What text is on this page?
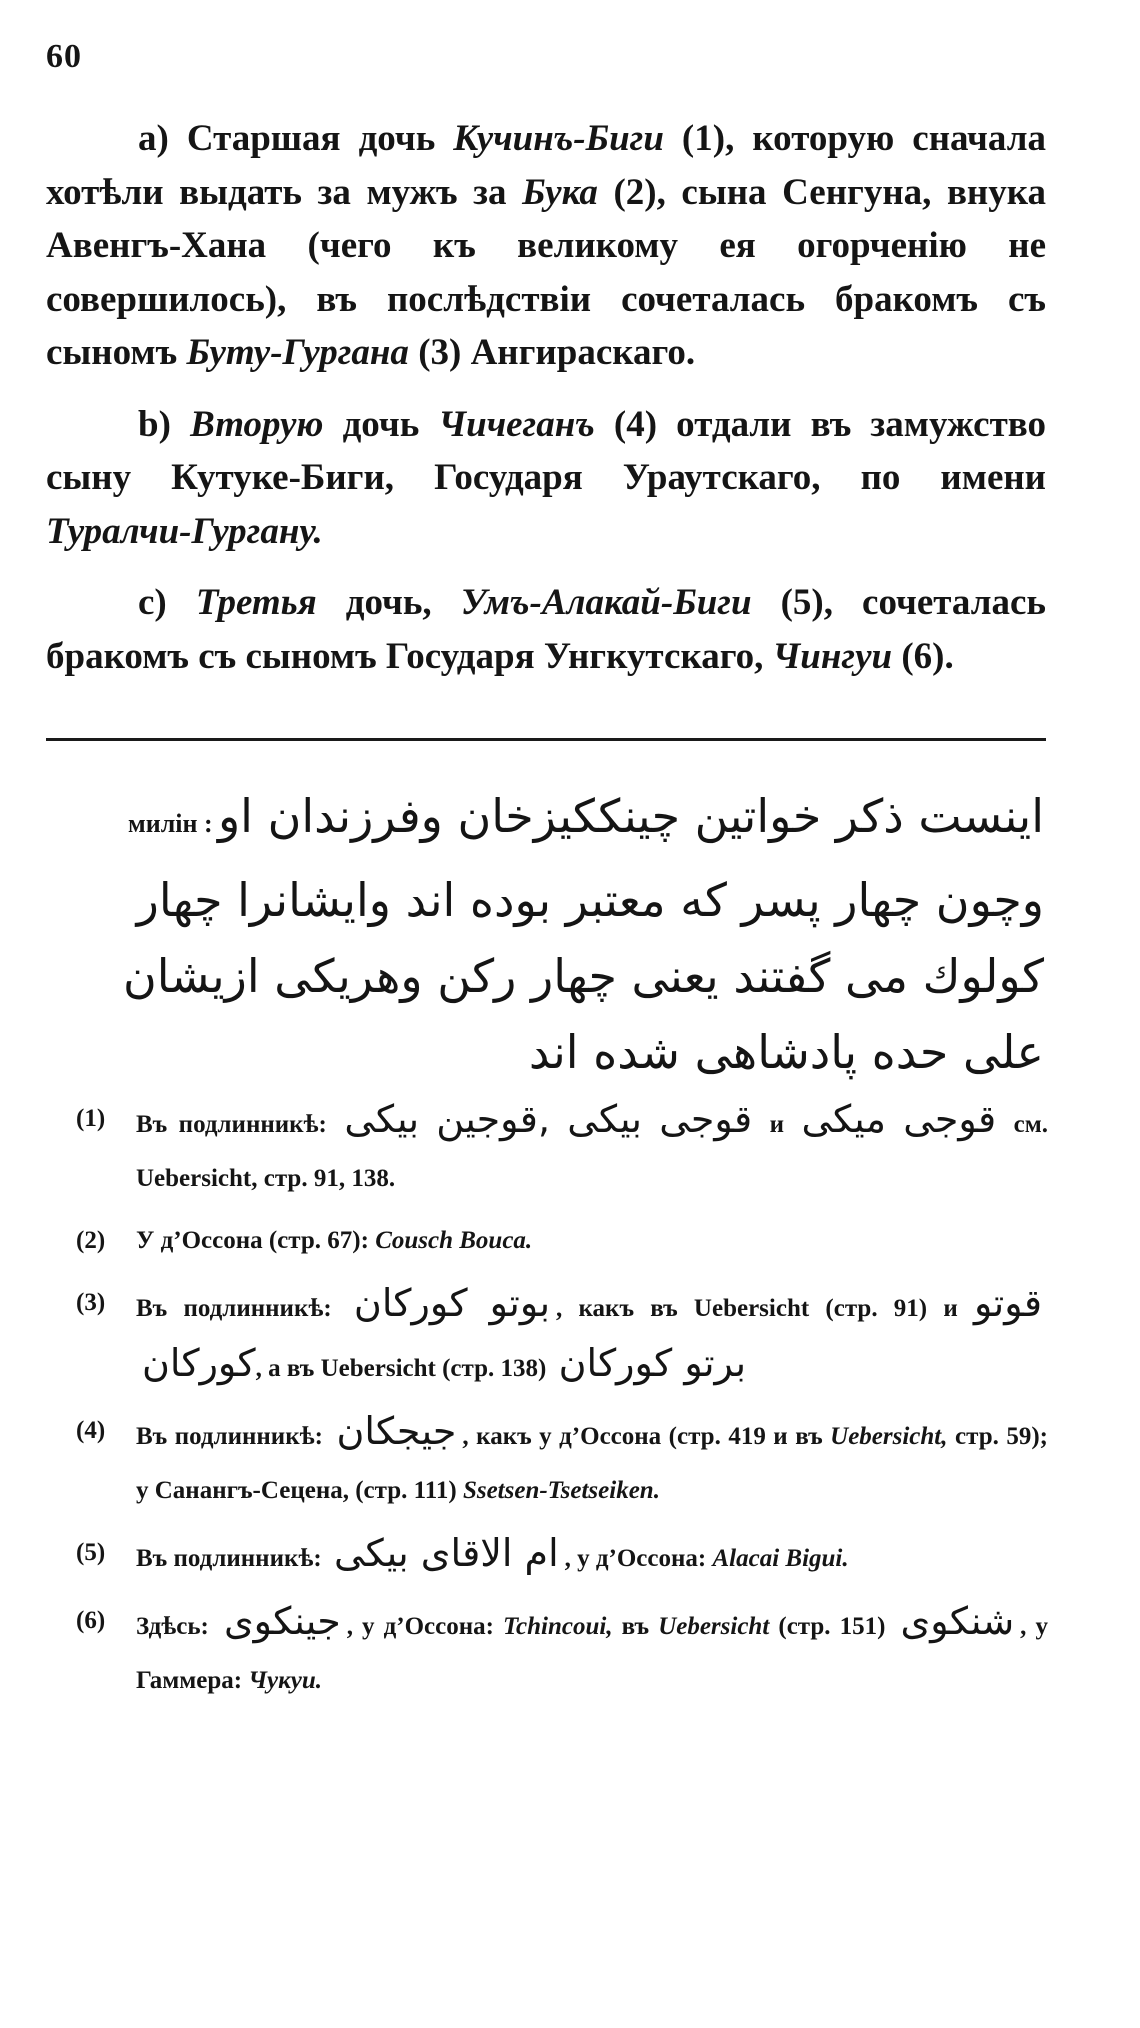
60

а) Старшая дочь Кучинъ-Биги (1), которую сначала хотѣли выдать за мужъ за Бука (2), сына Сенгуна, внука Авенгъ-Хана (чего къ великому ея огорченію не совершилось), въ послѣдствіи сочеталась бракомъ съ сыномъ Буту-Гургана (3) Ангираскаго.

b) Вторую дочь Чичеганъ (4) отдали въ замужство сыну Кутуке-Биги, Государя Ураутскаго, по имени Туралчи-Гургану.

с) Третья дочь, Умъ-Алакай-Биги (5), сочеталась бракомъ съ сыномъ Государя Унгкутскаго, Чингуи (6).

اینست ذکر خواتین چینککیزخان وفرزندان او
милін :
وچون چهار پسر که معتبر بوده اند وایشانرا چهار
کولوك می گفتند یعنی چهار رکن وهریکی ازیشان
علی حده پادشاهی شده اند
(1)	Въ подлинникѣ: قوجی بیکی ,قوجین بیکی и قوجی میکی см. Uebersicht, стр. 91, 138.
(2)	У д’Оссона (стр. 67): Cousch Bouca.
(3)	Въ подлинникѣ: بوتو کورکان , какъ въ Uebersicht (стр. 91) и قوتو کورکان, а въ Uebersicht (стр. 138) برتو کورکان
(4)	Въ подлинникѣ: جیجکان , какъ у д’Оссона (стр. 419 и въ Uebersicht, стр. 59); у Санангъ-Сецена, (стр. 111) Ssetsen-Tsetseiken.
(5)	Въ подлинникѣ: ام الاقای بیکی , у д’Оссона: Alacai Bigui.
(6)	Здѣсь: جینکوی , у д’Оссона: Tchincoui, въ Uebersicht (стр. 151) شنکوی , у Гаммера: Чукуи.
